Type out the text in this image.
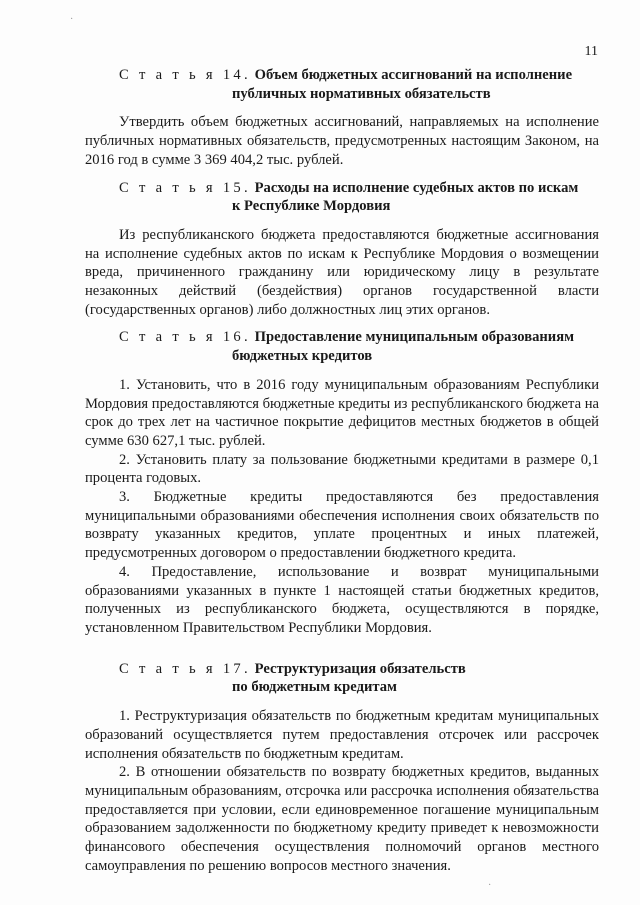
·
·
11
С т а т ь я 14. Объем бюджетных ассигнований на исполнение
публичных нормативных обязательств

Утвердить объем бюджетных ассигнований, направляемых на исполнение публичных нормативных обязательств, предусмотренных настоящим Законом, на 2016 год в сумме 3 369 404,2 тыс. рублей.

С т а т ь я 15. Расходы на исполнение судебных актов по искам
к Республике Мордовия

Из республиканского бюджета предоставляются бюджетные ассигнования на исполнение судебных актов по искам к Республике Мордовия о возмещении вреда, причиненного гражданину или юридическому лицу в результате незаконных действий (бездействия) органов государственной власти (государственных органов) либо должностных лиц этих органов.

С т а т ь я 16. Предоставление муниципальным образованиям
бюджетных кредитов

1. Установить, что в 2016 году муниципальным образованиям Республики Мордовия предоставляются бюджетные кредиты из республиканского бюджета на срок до трех лет на частичное покрытие дефицитов местных бюджетов в общей сумме 630 627,1 тыс. рублей.

2. Установить плату за пользование бюджетными кредитами в размере 0,1 процента годовых.

3. Бюджетные кредиты предоставляются без предоставления муниципальными образованиями обеспечения исполнения своих обязательств по возврату указанных кредитов, уплате процентных и иных платежей, предусмотренных договором о предоставлении бюджетного кредита.

4. Предоставление, использование и возврат муниципальными образованиями указанных в пункте 1 настоящей статьи бюджетных кредитов, полученных из республиканского бюджета, осуществляются в порядке, установленном Правительством Республики Мордовия.

С т а т ь я 17. Реструктуризация обязательств
по бюджетным кредитам

1. Реструктуризация обязательств по бюджетным кредитам муниципальных образований осуществляется путем предоставления отсрочек или рассрочек исполнения обязательств по бюджетным кредитам.

2. В отношении обязательств по возврату бюджетных кредитов, выданных муниципальным образованиям, отсрочка или рассрочка исполнения обязательства предоставляется при условии, если единовременное погашение муниципальным образованием задолженности по бюджетному кредиту приведет к невозможности финансового обеспечения осуществления полномочий органов местного самоуправления по решению вопросов местного значения.
